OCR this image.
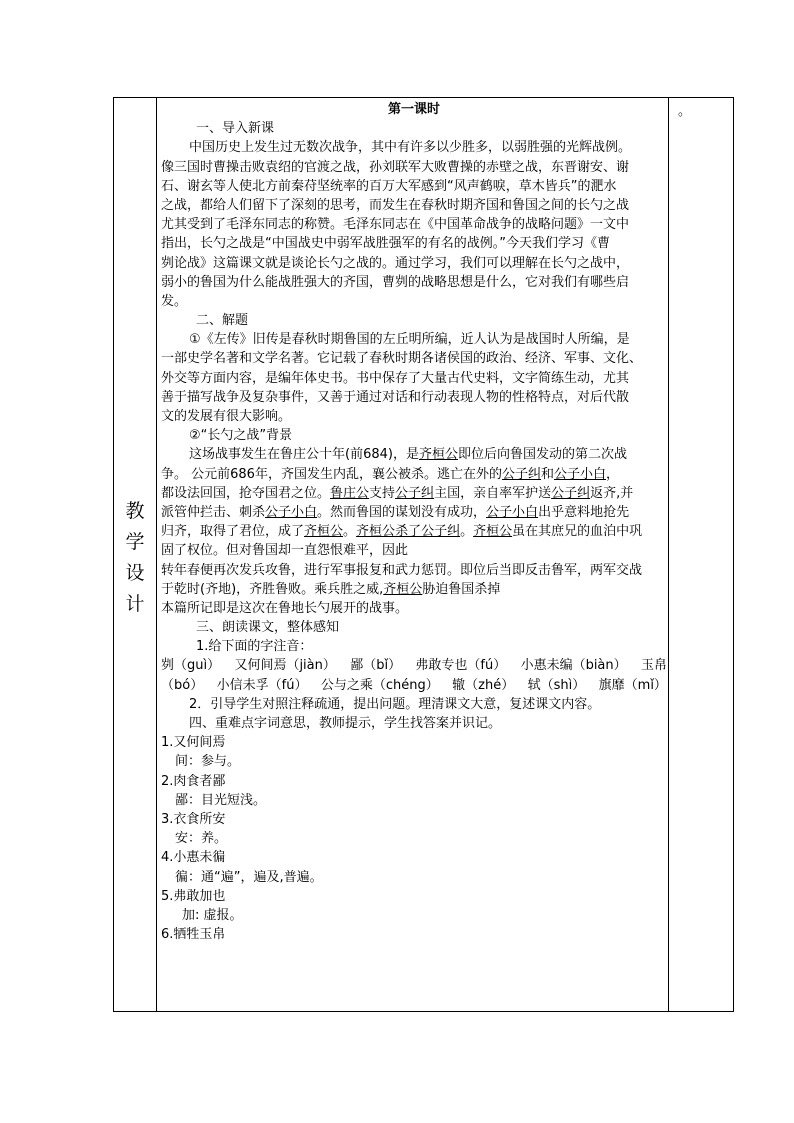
教
学
设
计
。
第一课时
一、导入新课
中国历史上发生过无数次战争，其中有许多以少胜多，以弱胜强的光辉战例。
像三国时曹操击败袁绍的官渡之战，孙刘联军大败曹操的赤壁之战，东晋谢安、谢
石、谢玄等人使北方前秦苻坚统率的百万大军感到“风声鹤唳，草木皆兵”的淝水
之战，都给人们留下了深刻的思考，而发生在春秋时期齐国和鲁国之间的长勺之战
尤其受到了毛泽东同志的称赞。毛泽东同志在《中国革命战争的战略问题》一文中
指出，长勺之战是“中国战史中弱军战胜强军的有名的战例。”今天我们学习《曹
刿论战》这篇课文就是谈论长勺之战的。通过学习，我们可以理解在长勺之战中，
弱小的鲁国为什么能战胜强大的齐国，曹刿的战略思想是什么，它对我们有哪些启
发。
二、解题
①《左传》旧传是春秋时期鲁国的左丘明所编，近人认为是战国时人所编，是
一部史学名著和文学名著。它记载了春秋时期各诸侯国的政治、经济、军事、文化、
外交等方面内容，是编年体史书。书中保存了大量古代史料，文字简练生动，尤其
善于描写战争及复杂事件，又善于通过对话和行动表现人物的性格特点，对后代散
文的发展有很大影响。
②“长勺之战”背景
这场战事发生在鲁庄公十年(前684)，是齐桓公即位后向鲁国发动的第二次战
争。 公元前686年，齐国发生内乱，襄公被杀。逃亡在外的公子纠和公子小白，
都设法回国，抢夺国君之位。鲁庄公支持公子纠主国，亲自率军护送公子纠返齐,并
派管仲拦击、刺杀公子小白。然而鲁国的谋划没有成功，公子小白出乎意料地抢先
归齐，取得了君位，成了齐桓公。齐桓公杀了公子纠。齐桓公虽在其庶兄的血泊中巩
固了权位。但对鲁国却一直怨恨难平，因此
转年春便再次发兵攻鲁，进行军事报复和武力惩罚。即位后当即反击鲁军，两军交战
于乾时(齐地)，齐胜鲁败。乘兵胜之威,齐桓公胁迫鲁国杀掉
本篇所记即是这次在鲁地长勺展开的战事。
三、朗读课文，整体感知
1.给下面的字注音：
刿（guì） 又何间焉（jiàn） 鄙（bǐ） 弗敢专也（fú） 小惠未编（biàn） 玉帛
（bó） 小信未孚（fú） 公与之乘（chéng） 辙（zhé） 轼（shì） 旗靡（mǐ）
2．引导学生对照注释疏通，提出问题。理清课文大意，复述课文内容。
四、重难点字词意思，教师提示，学生找答案并识记。
1.又何间焉
间：参与。
2.肉食者鄙
鄙：目光短浅。
3.衣食所安
安：养。
4.小惠未徧
徧：通“遍”，遍及,普遍。
5.弗敢加也
加: 虚报。
6.牺牲玉帛
